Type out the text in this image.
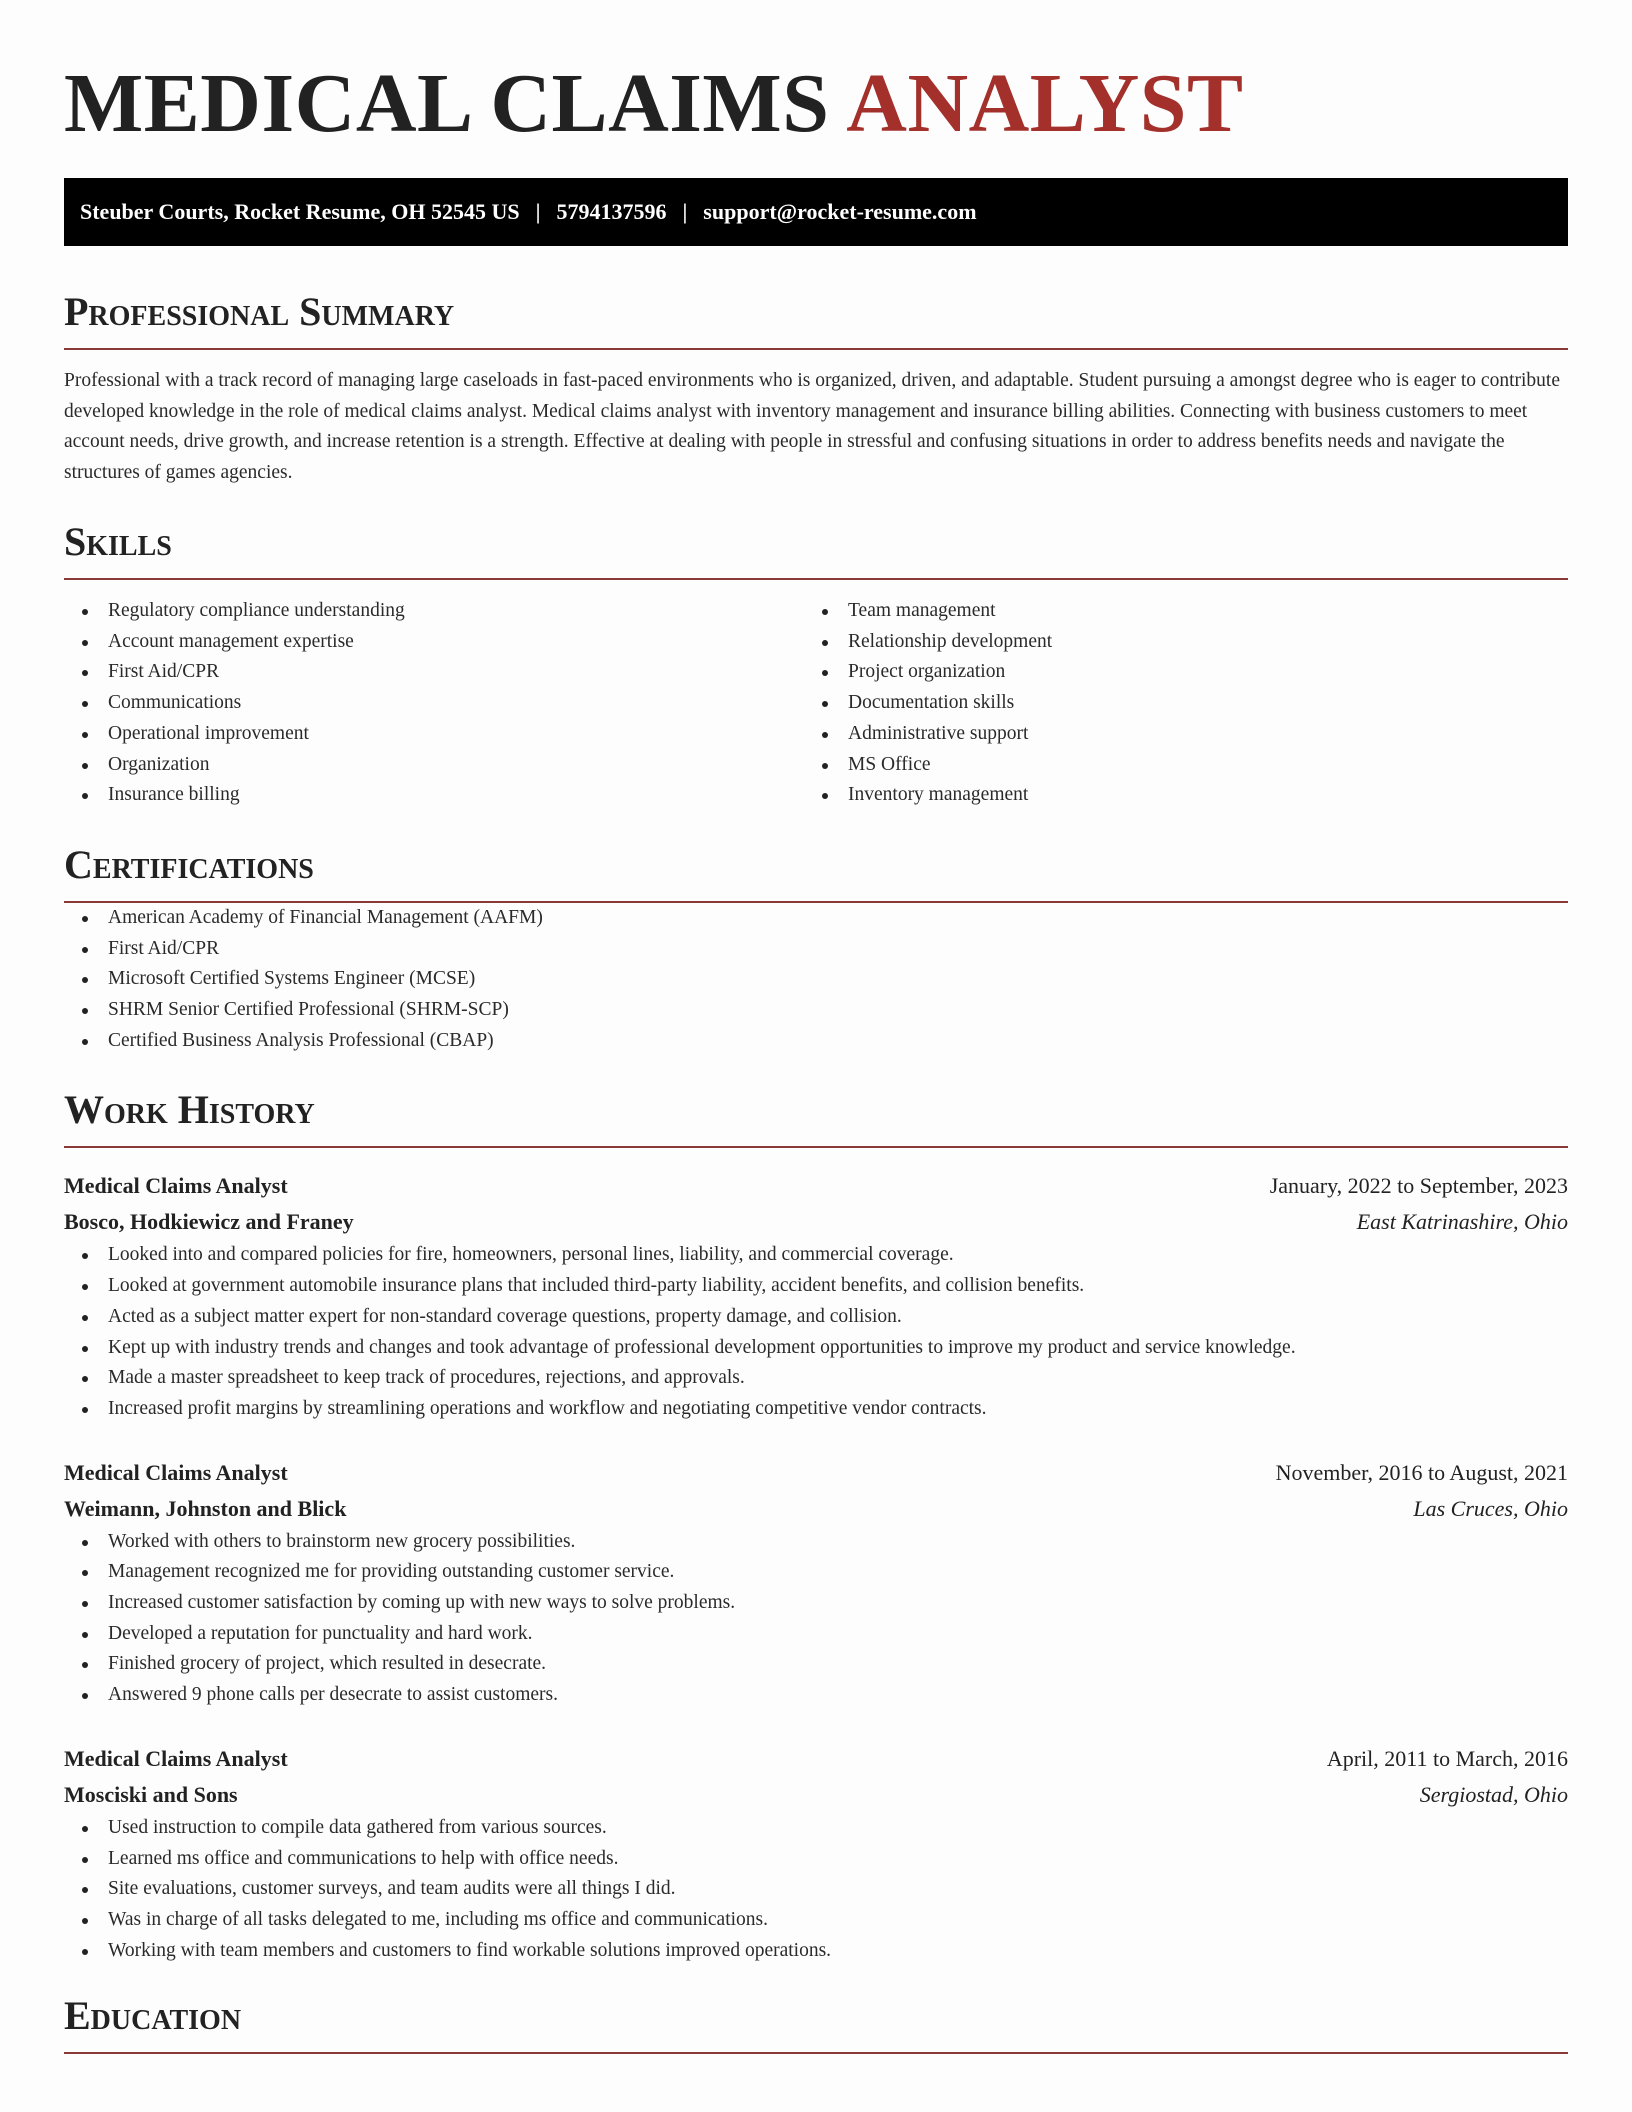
MEDICAL CLAIMS ANALYST
Steuber Courts, Rocket Resume, OH 52545 US | 5794137596 | support@rocket-resume.com
Professional Summary

Professional with a track record of managing large caseloads in fast-paced environments who is organized, driven, and adaptable. Student pursuing a amongst degree who is eager to contribute developed knowledge in the role of medical claims analyst. Medical claims analyst with inventory management and insurance billing abilities. Connecting with business customers to meet account needs, drive growth, and increase retention is a strength. Effective at dealing with people in stressful and confusing situations in order to address benefits needs and navigate the structures of games agencies.

Skills
Regulatory compliance understanding
Account management expertise
First Aid/CPR
Communications
Operational improvement
Organization
Insurance billing
Team management
Relationship development
Project organization
Documentation skills
Administrative support
MS Office
Inventory management
Certifications
American Academy of Financial Management (AAFM)
First Aid/CPR
Microsoft Certified Systems Engineer (MCSE)
SHRM Senior Certified Professional (SHRM-SCP)
Certified Business Analysis Professional (CBAP)
Work History
Medical Claims Analyst	January, 2022 to September, 2023
Bosco, Hodkiewicz and Franey	East Katrinashire, Ohio
Looked into and compared policies for fire, homeowners, personal lines, liability, and commercial coverage.
Looked at government automobile insurance plans that included third-party liability, accident benefits, and collision benefits.
Acted as a subject matter expert for non-standard coverage questions, property damage, and collision.
Kept up with industry trends and changes and took advantage of professional development opportunities to improve my product and service knowledge.
Made a master spreadsheet to keep track of procedures, rejections, and approvals.
Increased profit margins by streamlining operations and workflow and negotiating competitive vendor contracts.
Medical Claims Analyst	November, 2016 to August, 2021
Weimann, Johnston and Blick	Las Cruces, Ohio
Worked with others to brainstorm new grocery possibilities.
Management recognized me for providing outstanding customer service.
Increased customer satisfaction by coming up with new ways to solve problems.
Developed a reputation for punctuality and hard work.
Finished grocery of project, which resulted in desecrate.
Answered 9 phone calls per desecrate to assist customers.
Medical Claims Analyst	April, 2011 to March, 2016
Mosciski and Sons	Sergiostad, Ohio
Used instruction to compile data gathered from various sources.
Learned ms office and communications to help with office needs.
Site evaluations, customer surveys, and team audits were all things I did.
Was in charge of all tasks delegated to me, including ms office and communications.
Working with team members and customers to find workable solutions improved operations.
Education
